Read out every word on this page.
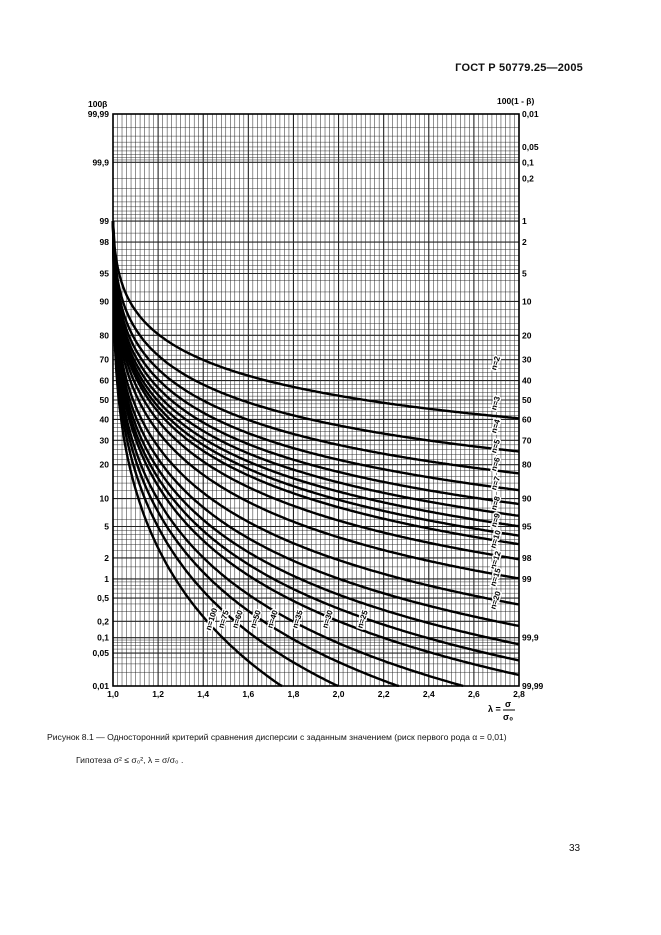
ГОСТ Р 50779.25—2005
99,99
99,9
99
98
95
90
80
70
60
50
40
30
20
10
5
2
1
0,5
0,2
0,1
0,05
0,01
0,01
0,05
0,1
0,2
1
2
5
10
20
30
40
50
60
70
80
90
95
98
99
99,9
99,99
1,0	1,2	1,4	1,6	1,8	2,0	2,2	2,4	2,6	2,8
100β	100(1 - β)
λ = σ
σ₀
n=2
n=3
n=4
n=5
n=6
n=7
n=8
n=9
n=10
n=12
n=15
n=20
n=25
n=30
n=35
n=40
n=50
n=60
n=75
n=100
Рисунок 8.1 — Односторонний критерий сравнения дисперсии с заданным значением (риск первого рода α = 0,01)
Гипотеза σ² ≤ σ₀², λ = σ/σ₀ .
33
